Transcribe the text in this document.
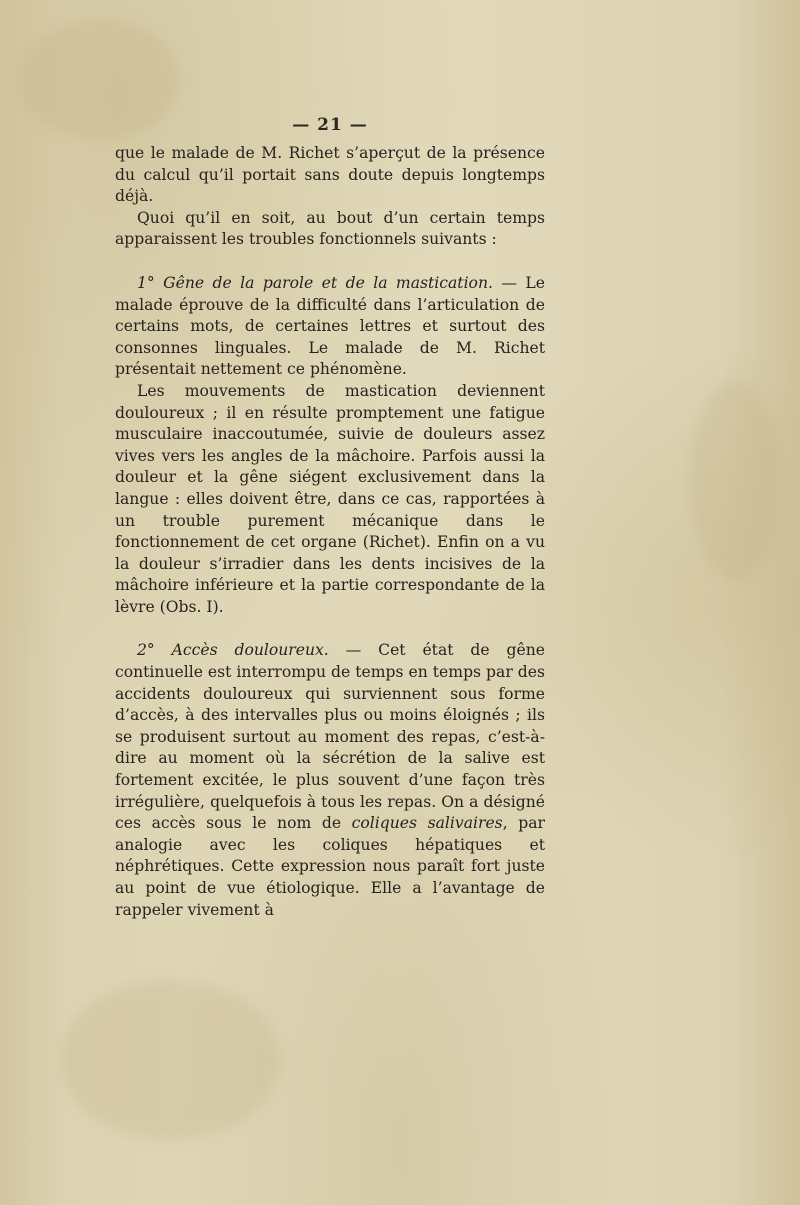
— 21 —

que le malade de M. Richet s’aperçut de la présence du calcul qu’il portait sans doute depuis longtemps déjà.

Quoi qu’il en soit, au bout d’un certain temps apparaissent les troubles fonctionnels suivants :

1° Gêne de la parole et de la mastication. — Le malade éprouve de la difficulté dans l’articulation de certains mots, de certaines lettres et surtout des consonnes linguales. Le malade de M. Richet présentait nettement ce phénomène.

Les mouvements de mastication deviennent douloureux ; il en résulte promptement une fatigue musculaire inaccoutumée, suivie de douleurs assez vives vers les angles de la mâchoire. Parfois aussi la douleur et la gêne siégent exclusivement dans la langue : elles doivent être, dans ce cas, rapportées à un trouble purement mécanique dans le fonctionnement de cet organe (Richet). Enfin on a vu la douleur s’irradier dans les dents incisives de la mâchoire inférieure et la partie correspondante de la lèvre (Obs. I).

2° Accès douloureux. — Cet état de gêne continuelle est interrompu de temps en temps par des accidents douloureux qui surviennent sous forme d’accès, à des intervalles plus ou moins éloignés ; ils se produisent surtout au moment des repas, c’est-à-dire au moment où la sécrétion de la salive est fortement excitée, le plus souvent d’une façon très irrégulière, quelquefois à tous les repas. On a désigné ces accès sous le nom de coliques salivaires, par analogie avec les coliques hépatiques et néphrétiques. Cette expression nous paraît fort juste au point de vue étiologique. Elle a l’avantage de rappeler vivement à
